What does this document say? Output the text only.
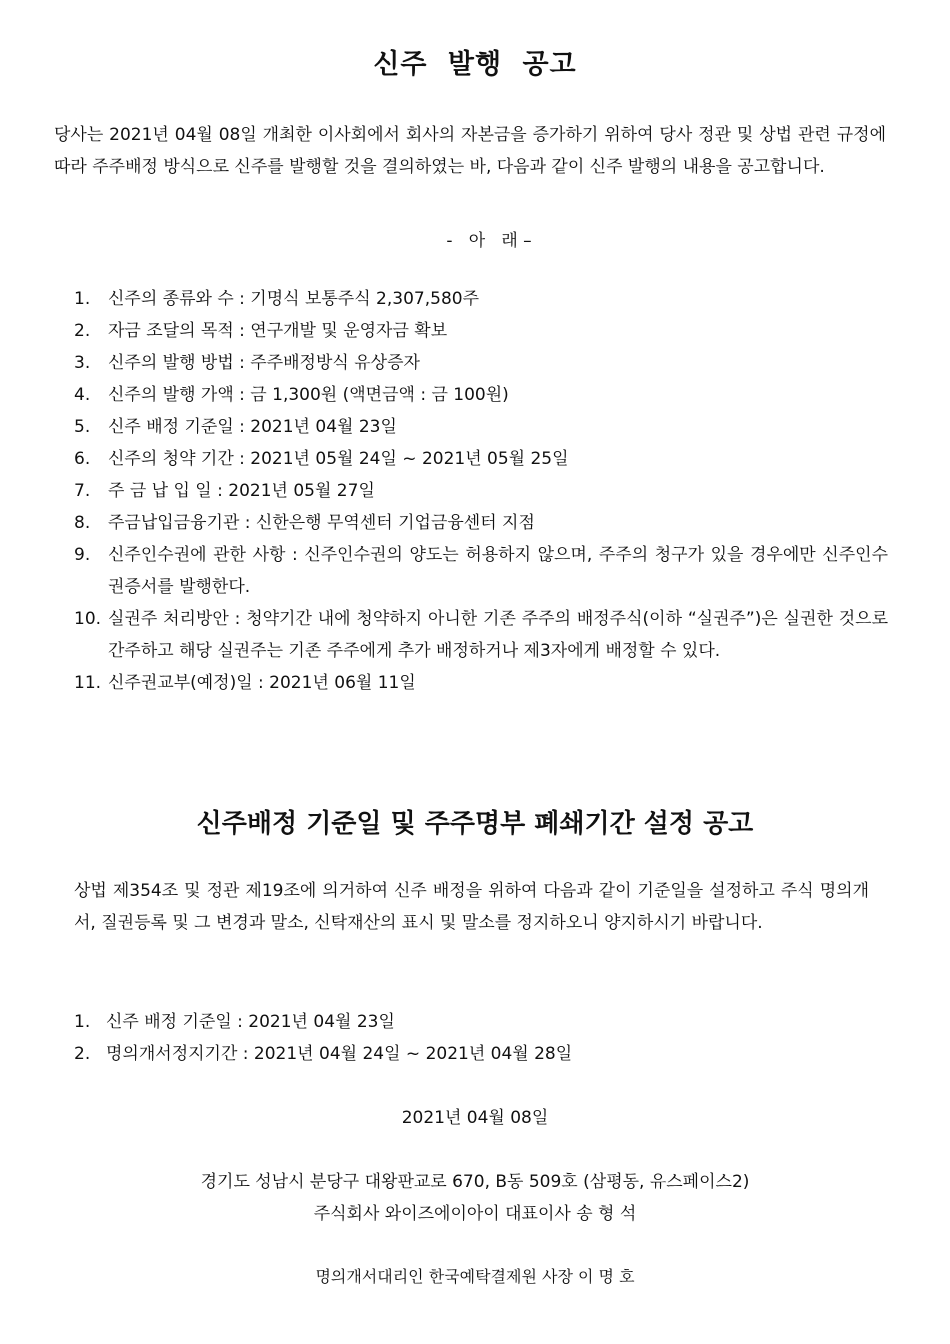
신주 발행 공고
당사는 2021년 04월 08일 개최한 이사회에서 회사의 자본금을 증가하기 위하여 당사 정관 및 상법 관련 규정에 따라 주주배정 방식으로 신주를 발행할 것을 결의하였는 바, 다음과 같이 신주 발행의 내용을 공고합니다.
-   아   래 –
1. 신주의 종류와 수 : 기명식 보통주식 2,307,580주
2. 자금 조달의 목적 : 연구개발 및 운영자금 확보
3. 신주의 발행 방법 : 주주배정방식 유상증자
4. 신주의 발행 가액 : 금 1,300원 (액면금액 : 금 100원)
5. 신주 배정 기준일 : 2021년 04월 23일
6. 신주의 청약 기간 : 2021년 05월 24일 ~ 2021년 05월 25일
7. 주 금 납 입 일 : 2021년 05월 27일
8. 주금납입금융기관 : 신한은행 무역센터 기업금융센터 지점
9. 신주인수권에 관한 사항 : 신주인수권의 양도는 허용하지 않으며, 주주의 청구가 있을 경우에만 신주인수권증서를 발행한다.
10. 실권주 처리방안 : 청약기간 내에 청약하지 아니한 기존 주주의 배정주식(이하 “실권주”)은 실권한 것으로 간주하고 해당 실권주는 기존 주주에게 추가 배정하거나 제3자에게 배정할 수 있다.
11. 신주권교부(예정)일 : 2021년 06월 11일
신주배정 기준일 및 주주명부 폐쇄기간 설정 공고
상법 제354조 및 정관 제19조에 의거하여 신주 배정을 위하여 다음과 같이 기준일을 설정하고 주식 명의개서, 질권등록 및 그 변경과 말소, 신탁재산의 표시 및 말소를 정지하오니 양지하시기 바랍니다.
1. 신주 배정 기준일 : 2021년 04월 23일
2. 명의개서정지기간 : 2021년 04월 24일 ~ 2021년 04월 28일
2021년 04월 08일
경기도 성남시 분당구 대왕판교로 670, B동 509호 (삼평동, 유스페이스2)
주식회사 와이즈에이아이 대표이사 송 형 석
명의개서대리인 한국예탁결제원 사장 이 명 호
